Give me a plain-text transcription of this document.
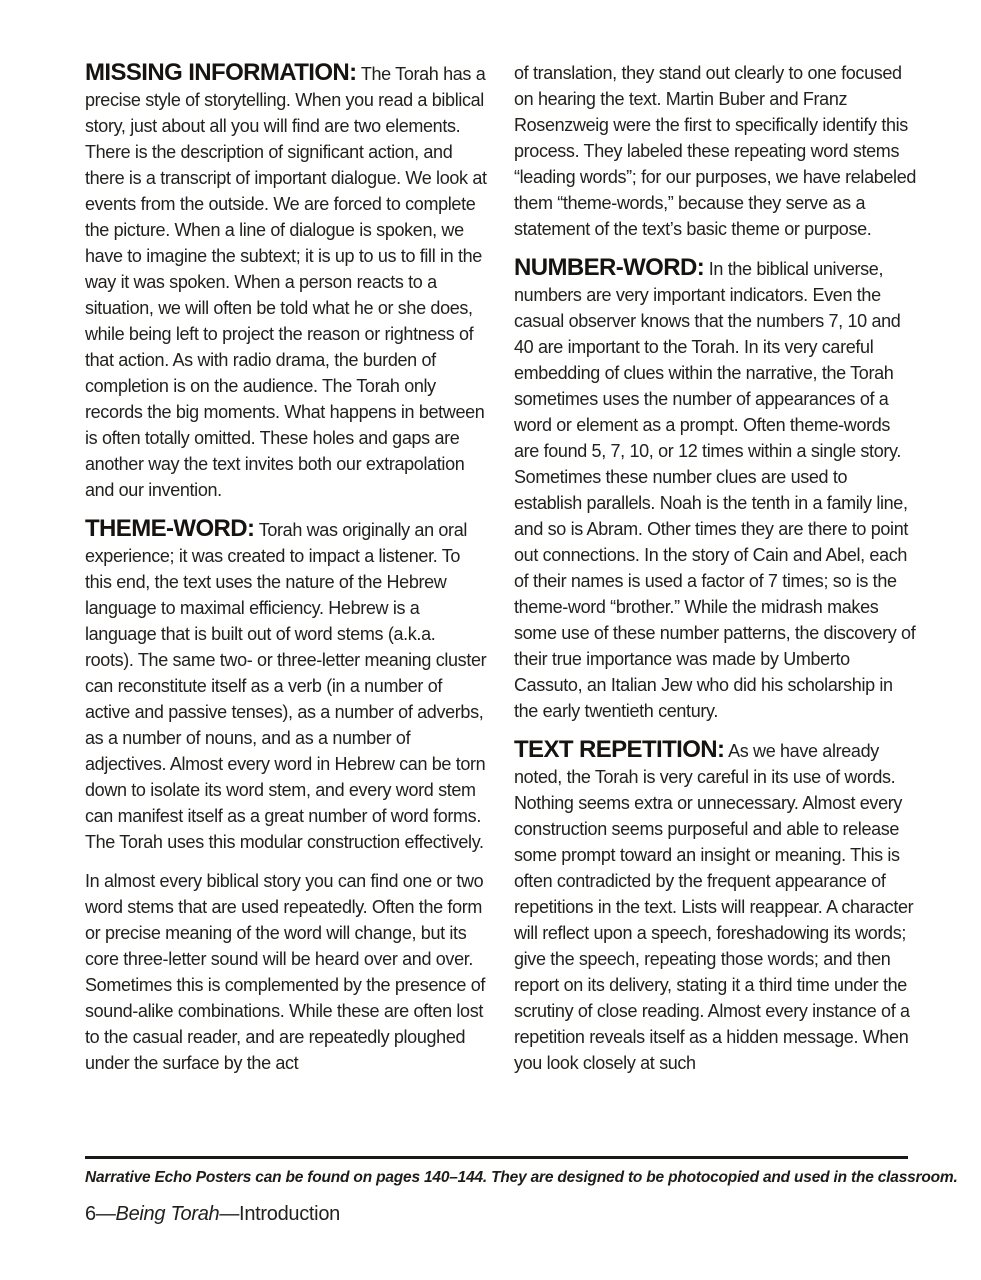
MISSING INFORMATION: The Torah has a precise style of storytelling. When you read a biblical story, just about all you will find are two elements. There is the description of significant action, and there is a transcript of important dialogue. We look at events from the outside. We are forced to complete the picture. When a line of dialogue is spoken, we have to imagine the subtext; it is up to us to fill in the way it was spoken. When a person reacts to a situation, we will often be told what he or she does, while being left to project the reason or rightness of that action. As with radio drama, the burden of completion is on the audience. The Torah only records the big moments. What happens in between is often totally omitted. These holes and gaps are another way the text invites both our extrapolation and our invention.

THEME-WORD: Torah was originally an oral experience; it was created to impact a listener. To this end, the text uses the nature of the Hebrew language to maximal efficiency. Hebrew is a language that is built out of word stems (a.k.a. roots). The same two- or three-letter meaning cluster can reconstitute itself as a verb (in a number of active and passive tenses), as a number of adverbs, as a number of nouns, and as a number of adjectives. Almost every word in Hebrew can be torn down to isolate its word stem, and every word stem can manifest itself as a great number of word forms. The Torah uses this modular construction effectively.

In almost every biblical story you can find one or two word stems that are used repeatedly. Often the form or precise meaning of the word will change, but its core three-letter sound will be heard over and over. Sometimes this is complemented by the presence of sound-alike combinations. While these are often lost to the casual reader, and are repeatedly ploughed under the surface by the act

of translation, they stand out clearly to one focused on hearing the text. Martin Buber and Franz Rosenzweig were the first to specifically identify this process. They labeled these repeating word stems “leading words”; for our purposes, we have relabeled them “theme-words,” because they serve as a statement of the text’s basic theme or purpose.

NUMBER-WORD: In the biblical universe, numbers are very important indicators. Even the casual observer knows that the numbers 7, 10 and 40 are important to the Torah. In its very careful embedding of clues within the narrative, the Torah sometimes uses the number of appearances of a word or element as a prompt. Often theme-words are found 5, 7, 10, or 12 times within a single story. Sometimes these number clues are used to establish parallels. Noah is the tenth in a family line, and so is Abram. Other times they are there to point out connections. In the story of Cain and Abel, each of their names is used a factor of 7 times; so is the theme-word “brother.” While the midrash makes some use of these number patterns, the discovery of their true importance was made by Umberto Cassuto, an Italian Jew who did his scholarship in the early twentieth century.

TEXT REPETITION: As we have already noted, the Torah is very careful in its use of words. Nothing seems extra or unnecessary. Almost every construction seems purposeful and able to release some prompt toward an insight or meaning. This is often contradicted by the frequent appearance of repetitions in the text. Lists will reappear. A character will reflect upon a speech, foreshadowing its words; give the speech, repeating those words; and then report on its delivery, stating it a third time under the scrutiny of close reading. Almost every instance of a repetition reveals itself as a hidden message. When you look closely at such

Narrative Echo Posters can be found on pages 140–144. They are designed to be photocopied and used in the classroom.
6—Being Torah—Introduction
